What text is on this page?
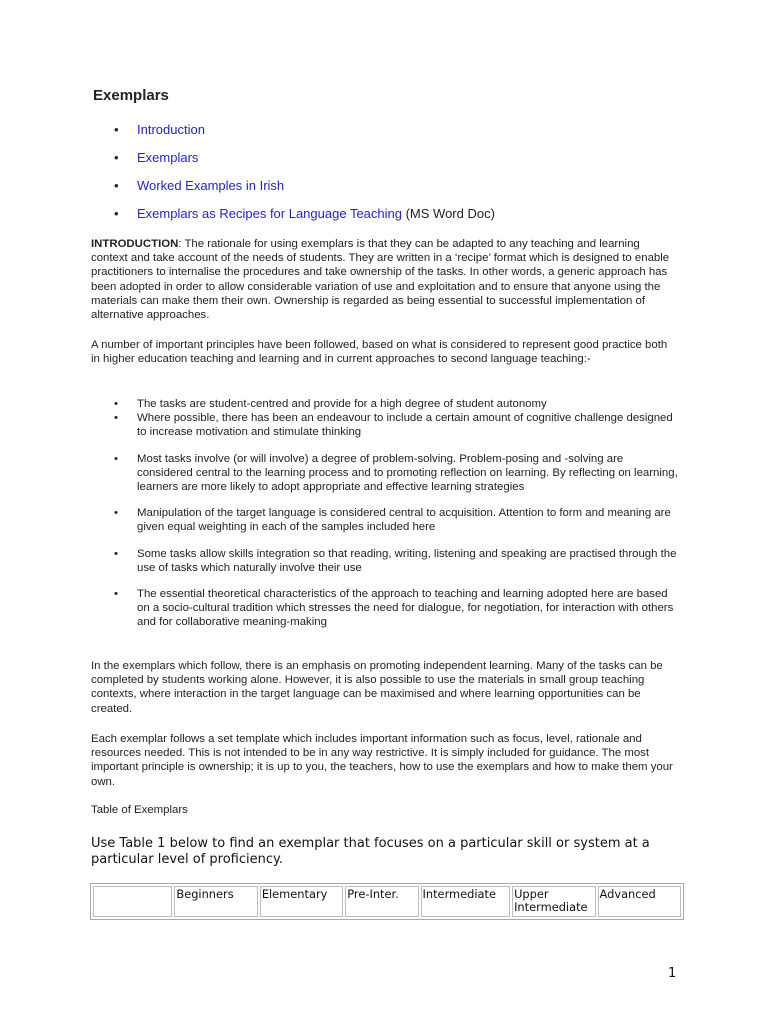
Exemplars
• Introduction
• Exemplars
• Worked Examples in Irish
• Exemplars as Recipes for Language Teaching (MS Word Doc)

INTRODUCTION: The rationale for using exemplars is that they can be adapted to any teaching and learning context and take account of the needs of students. They are written in a ‘recipe’ format which is designed to enable practitioners to internalise the procedures and take ownership of the tasks. In other words, a generic approach has been adopted in order to allow considerable variation of use and exploitation and to ensure that anyone using the materials can make them their own. Ownership is regarded as being essential to successful implementation of alternative approaches.

A number of important principles have been followed, based on what is considered to represent good practice both in higher education teaching and learning and in current approaches to second language teaching:-

• The tasks are student-centred and provide for a high degree of student autonomy
• Where possible, there has been an endeavour to include a certain amount of cognitive challenge designed to increase motivation and stimulate thinking
• Most tasks involve (or will involve) a degree of problem-solving. Problem-posing and -solving are considered central to the learning process and to promoting reflection on learning. By reflecting on learning, learners are more likely to adopt appropriate and effective learning strategies
• Manipulation of the target language is considered central to acquisition. Attention to form and meaning are given equal weighting in each of the samples included here
• Some tasks allow skills integration so that reading, writing, listening and speaking are practised through the use of tasks which naturally involve their use
• The essential theoretical characteristics of the approach to teaching and learning adopted here are based on a socio-cultural tradition which stresses the need for dialogue, for negotiation, for interaction with others and for collaborative meaning-making

In the exemplars which follow, there is an emphasis on promoting independent learning. Many of the tasks can be completed by students working alone. However, it is also possible to use the materials in small group teaching contexts, where interaction in the target language can be maximised and where learning opportunities can be created.

Each exemplar follows a set template which includes important information such as focus, level, rationale and resources needed. This is not intended to be in any way restrictive. It is simply included for guidance. The most important principle is ownership; it is up to you, the teachers, how to use the exemplars and how to make them your own.

Table of Exemplars
Use Table 1 below to find an exemplar that focuses on a particular skill or system at a particular level of proficiency.
	Beginners	Elementary	Pre-Inter.	Intermediate	Upper Intermediate	Advanced
1
